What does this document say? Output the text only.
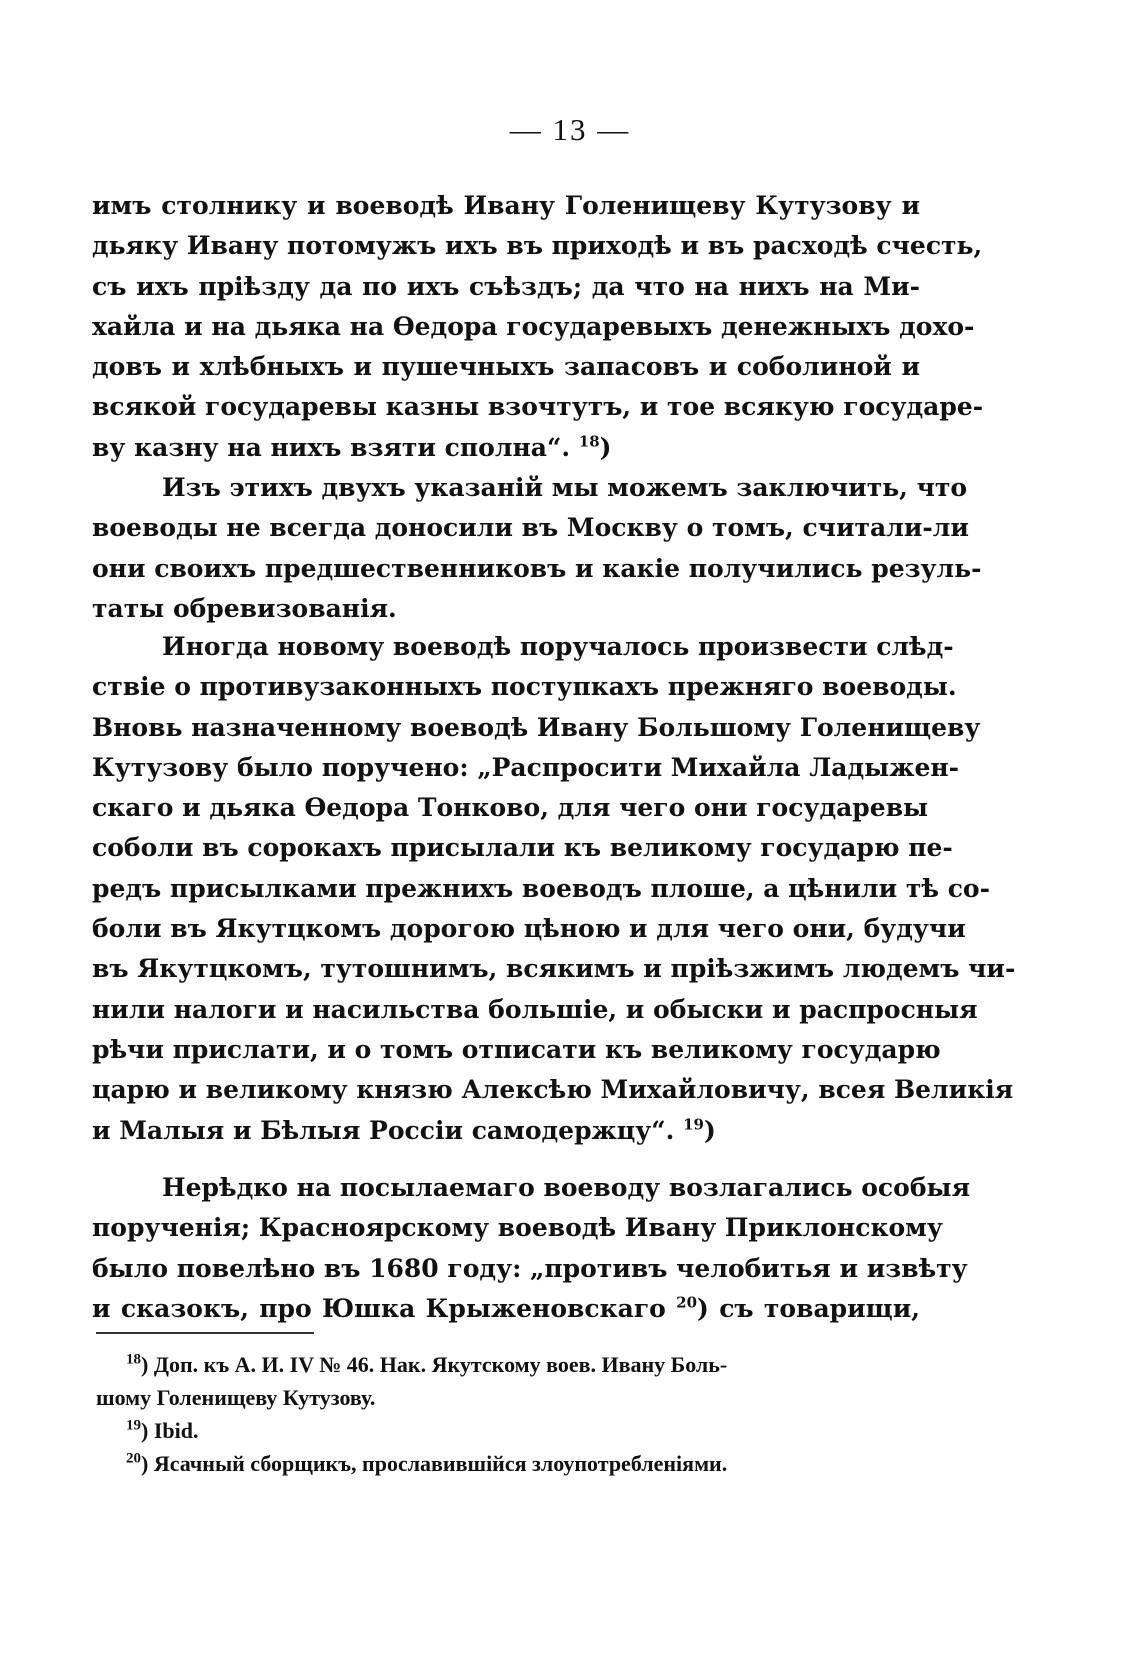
— 13 —
имъ столнику и воеводѣ Ивану Голенищеву Кутузову и
дьяку Ивану потомужъ ихъ въ приходѣ и въ расходѣ счесть,
съ ихъ прiѣзду да по ихъ съѣздъ; да что на нихъ на Ми-
хайла и на дьяка на Ѳедора государевыхъ денежныхъ дохо-
довъ и хлѣбныхъ и пушечныхъ запасовъ и соболиной и
всякой государевы казны взочтутъ, и тое всякую государе-
ву казну на нихъ взяти сполна“. $^{18}$)
Изъ этихъ двухъ указанiй мы можемъ заключить, что
воеводы не всегда доносили въ Москву о томъ, считали-ли
они своихъ предшественниковъ и какiе получились резуль-
таты обревизованiя.
Иногда новому воеводѣ поручалось произвести слѣд-
ствiе о противузаконныхъ поступкахъ прежняго воеводы.
Вновь назначенному воеводѣ Ивану Большому Голенищеву
Кутузову было поручено: „Распросити Михайла Ладыжен-
скаго и дьяка Ѳедора Тонково, для чего они государевы
соболи въ сорокахъ присылали къ великому государю пе-
редъ присылками прежнихъ воеводъ плоше, а цѣнили тѣ со-
боли въ Якутцкомъ дорогою цѣною и для чего они, будучи
въ Якутцкомъ, тутошнимъ, всякимъ и прiѣзжимъ людемъ чи-
нили налоги и насильства большiе, и обыски и распросныя
рѣчи прислати, и о томъ отписати къ великому государю
царю и великому князю Алексѣю Михайловичу, всея Великiя
и Малыя и Бѣлыя Россiи самодержцу“. $^{19}$)
Нерѣдко на посылаемаго воеводу возлагались особыя
порученiя; Красноярскому воеводѣ Ивану Приклонскому
было повелѣно въ 1680 году: „противъ челобитья и извѣту
и сказокъ, про Юшка Крыженовскаго $^{20}$) съ товарищи,
$^{18}$) Доп. къ А. И. IV № 46. Нак. Якутскому воев. Ивану Боль-
шому Голенищеву Кутузову.
$^{19}$) Ibid.
$^{20}$) Ясачный сборщикъ, прославившiйся злоупотребленiями.
